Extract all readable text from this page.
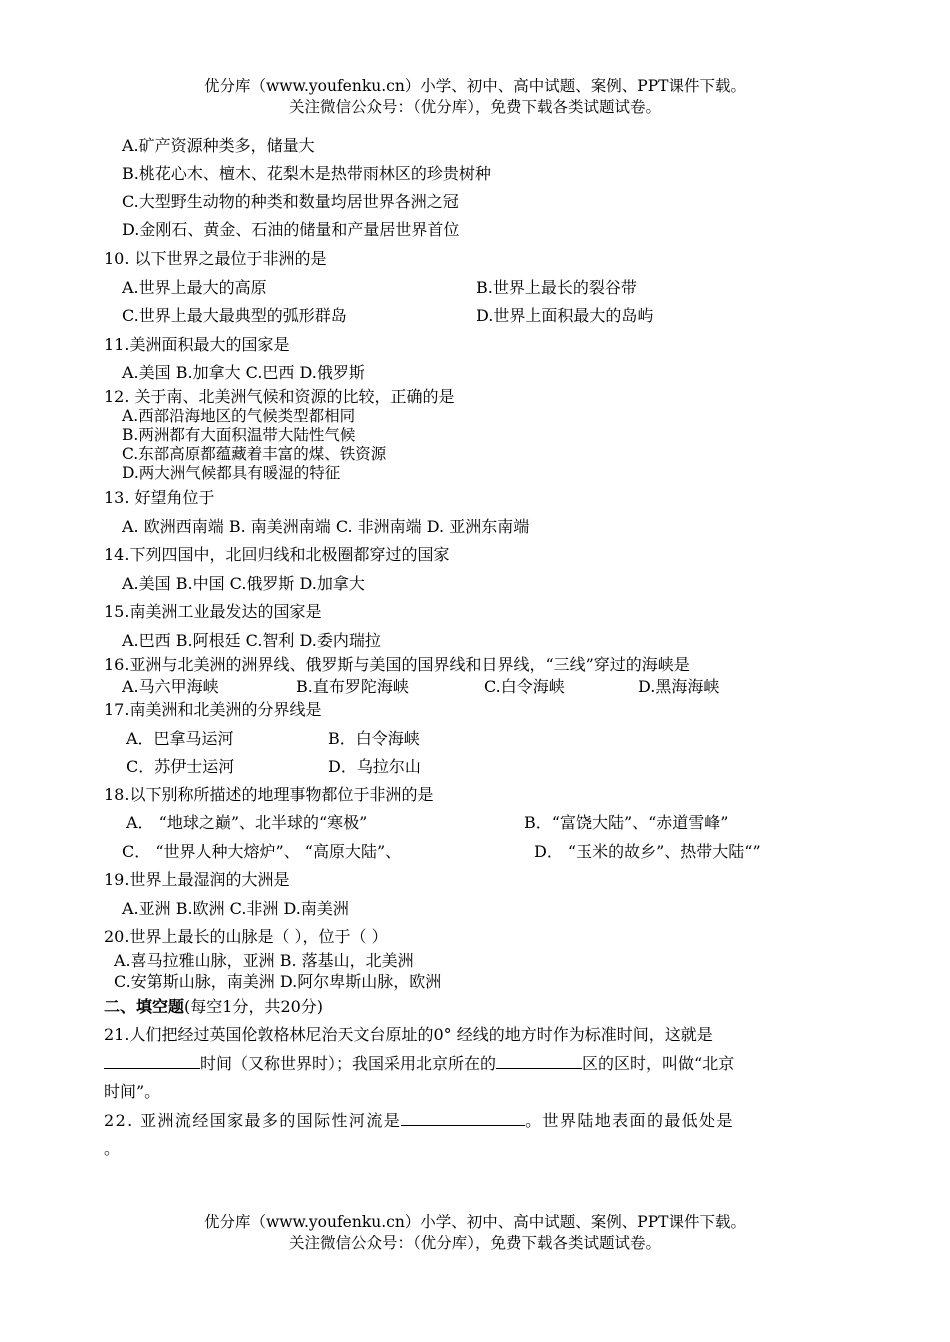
优分库（www.youfenku.cn）小学、初中、高中试题、案例、PPT课件下载。
关注微信公众号：（优分库），免费下载各类试题试卷。
A.矿产资源种类多，储量大
B.桃花心木、檀木、花梨木是热带雨林区的珍贵树种
C.大型野生动物的种类和数量均居世界各洲之冠
D.金刚石、黄金、石油的储量和产量居世界首位
10. 以下世界之最位于非洲的是
A.世界上最大的高原	B.世界上最长的裂谷带
C.世界上最大最典型的弧形群岛	D.世界上面积最大的岛屿
11.美洲面积最大的国家是
A.美国 B.加拿大 C.巴西 D.俄罗斯
12. 关于南、北美洲气候和资源的比较，正确的是
A.西部沿海地区的气候类型都相同
B.两洲都有大面积温带大陆性气候
C.东部高原都蕴藏着丰富的煤、铁资源
D.两大洲气候都具有暖湿的特征
13. 好望角位于
A. 欧洲西南端 B. 南美洲南端 C. 非洲南端 D. 亚洲东南端
14.下列四国中，北回归线和北极圈都穿过的国家
A.美国 B.中国 C.俄罗斯 D.加拿大
15.南美洲工业最发达的国家是
A.巴西 B.阿根廷 C.智利 D.委内瑞拉
16.亚洲与北美洲的洲界线、俄罗斯与美国的国界线和日界线，“三线”穿过的海峡是
A.马六甲海峡	B.直布罗陀海峡	C.白令海峡	D.黑海海峡
17.南美洲和北美洲的分界线是
A．巴拿马运河	B．白令海峡
C．苏伊士运河	D．乌拉尔山
18.以下别称所描述的地理事物都位于非洲的是
A． “地球之巅”、北半球的“寒极”	B．“富饶大陆”、“赤道雪峰”
C． “世界人种大熔炉”、 “高原大陆”、	D． “玉米的故乡”、热带大陆“”
19.世界上最湿润的大洲是
A.亚洲 B.欧洲 C.非洲 D.南美洲
20.世界上最长的山脉是（ ），位于（ ）
A.喜马拉雅山脉，亚洲 B. 落基山，北美洲
C.安第斯山脉，南美洲 D.阿尔卑斯山脉，欧洲
二、填空题(每空1分，共20分)
21.人们把经过英国伦敦格林尼治天文台原址的0° 经线的地方时作为标准时间，这就是
时间（又称世界时）；我国采用北京所在的	区的区时，叫做“北京
时间”。
22. 亚洲流经国家最多的国际性河流是	。世界陆地表面的最低处是
。
优分库（www.youfenku.cn）小学、初中、高中试题、案例、PPT课件下载。
关注微信公众号：（优分库），免费下载各类试题试卷。
